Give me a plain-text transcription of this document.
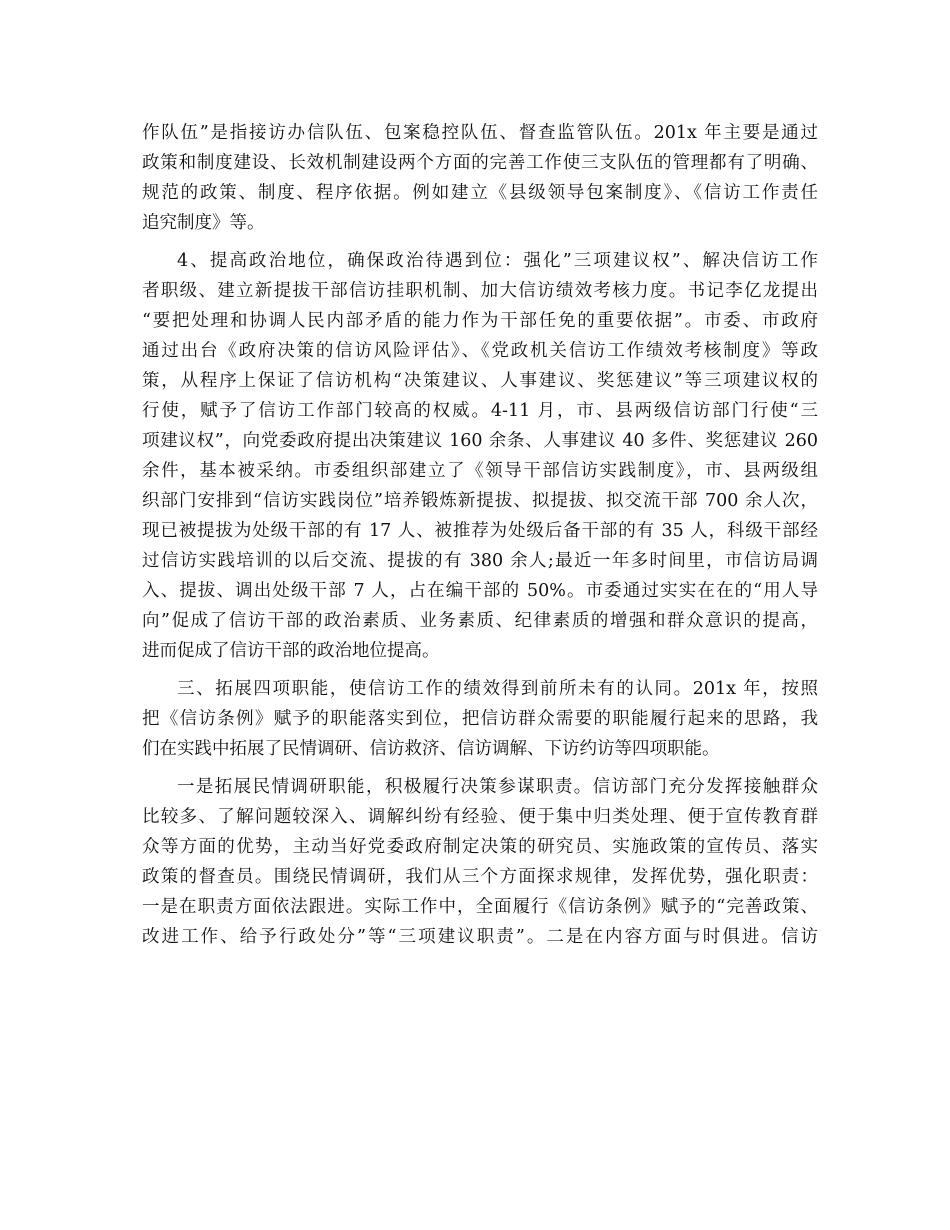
作队伍”是指接访办信队伍、包案稳控队伍、督查监管队伍。201x 年主要是通过
政策和制度建设、长效机制建设两个方面的完善工作使三支队伍的管理都有了明确、
规范的政策、制度、程序依据。例如建立《县级领导包案制度》、《信访工作责任
追究制度》等。
4、提高政治地位，确保政治待遇到位：强化”三项建议权”、解决信访工作
者职级、建立新提拔干部信访挂职机制、加大信访绩效考核力度。书记李亿龙提出
“要把处理和协调人民内部矛盾的能力作为干部任免的重要依据”。市委、市政府
通过出台《政府决策的信访风险评估》、《党政机关信访工作绩效考核制度》等政
策，从程序上保证了信访机构“决策建议、人事建议、奖惩建议”等三项建议权的
行使，赋予了信访工作部门较高的权威。4-11 月，市、县两级信访部门行使“三
项建议权”，向党委政府提出决策建议 160 余条、人事建议 40 多件、奖惩建议 260
余件，基本被采纳。市委组织部建立了《领导干部信访实践制度》，市、县两级组
织部门安排到“信访实践岗位”培养锻炼新提拔、拟提拔、拟交流干部 700 余人次，
现已被提拔为处级干部的有 17 人、被推荐为处级后备干部的有 35 人，科级干部经
过信访实践培训的以后交流、提拔的有 380 余人;最近一年多时间里，市信访局调
入、提拔、调出处级干部 7 人，占在编干部的 50%。市委通过实实在在的“用人导
向”促成了信访干部的政治素质、业务素质、纪律素质的增强和群众意识的提高，
进而促成了信访干部的政治地位提高。
三、拓展四项职能，使信访工作的绩效得到前所未有的认同。201x 年，按照
把《信访条例》赋予的职能落实到位，把信访群众需要的职能履行起来的思路，我
们在实践中拓展了民情调研、信访救济、信访调解、下访约访等四项职能。
一是拓展民情调研职能，积极履行决策参谋职责。信访部门充分发挥接触群众
比较多、了解问题较深入、调解纠纷有经验、便于集中归类处理、便于宣传教育群
众等方面的优势，主动当好党委政府制定决策的研究员、实施政策的宣传员、落实
政策的督查员。围绕民情调研，我们从三个方面探求规律，发挥优势，强化职责：
一是在职责方面依法跟进。实际工作中，全面履行《信访条例》赋予的“完善政策、
改进工作、给予行政处分”等“三项建议职责”。二是在内容方面与时俱进。信访
